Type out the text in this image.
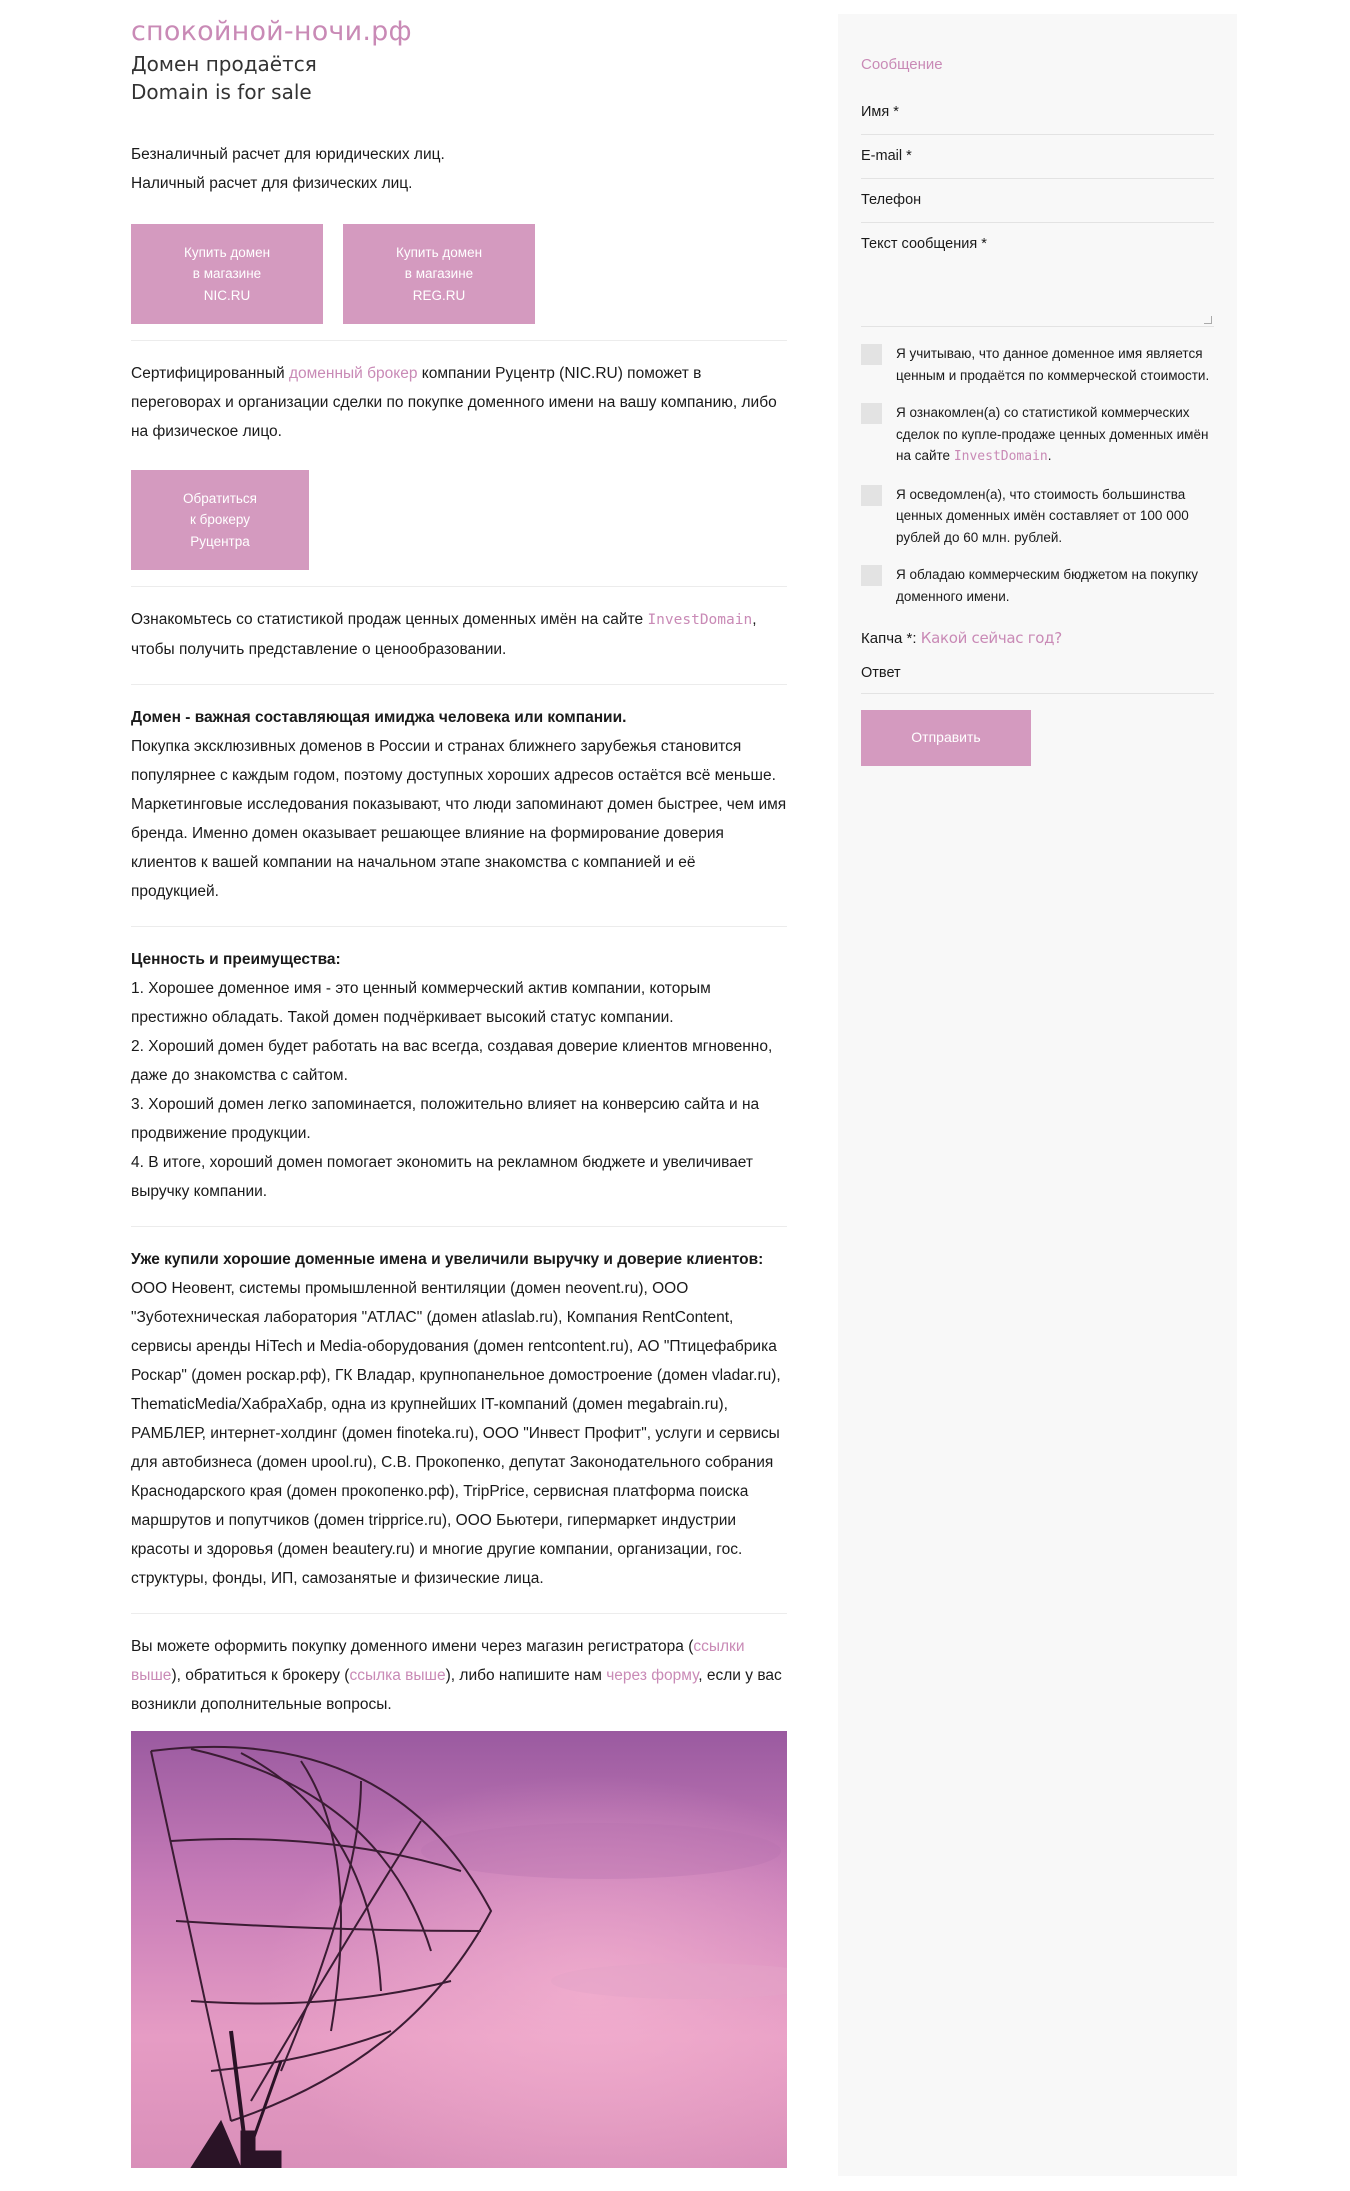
спокойной-ночи.рф
Домен продаётся
Domain is for sale

Безналичный расчет для юридических лиц.

Наличный расчет для физических лиц.

Купить домен
в магазине
NIC.RU
Купить домен
в магазине
REG.RU

Сертифицированный доменный брокер компании Руцентр (NIC.RU) поможет в переговорах и организации сделки по покупке доменного имени на вашу компанию, либо на физическое лицо.

Обратиться
к брокеру
Руцентра

Ознакомьтесь со статистикой продаж ценных доменных имён на сайте InvestDomain, чтобы получить представление о ценообразовании.

Домен - важная составляющая имиджа человека или компании.

Покупка эксклюзивных доменов в России и странах ближнего зарубежья становится популярнее с каждым годом, поэтому доступных хороших адресов остаётся всё меньше. Маркетинговые исследования показывают, что люди запоминают домен быстрее, чем имя бренда. Именно домен оказывает решающее влияние на формирование доверия клиентов к вашей компании на начальном этапе знакомства с компанией и её продукцией.

Ценность и преимущества:

1. Хорошее доменное имя - это ценный коммерческий актив компании, которым престижно обладать. Такой домен подчёркивает высокий статус компании.

2. Хороший домен будет работать на вас всегда, создавая доверие клиентов мгновенно, даже до знакомства с сайтом.

3. Хороший домен легко запоминается, положительно влияет на конверсию сайта и на продвижение продукции.

4. В итоге, хороший домен помогает экономить на рекламном бюджете и увеличивает выручку компании.

Уже купили хорошие доменные имена и увеличили выручку и доверие клиентов: ООО Неовент, системы промышленной вентиляции (домен neovent.ru), ООО "Зуботехническая лаборатория "АТЛАС" (домен atlaslab.ru), Компания RentContent, сервисы аренды HiTech и Media-оборудования (домен rentcontent.ru), АО "Птицефабрика Роскар" (домен роскар.рф), ГК Владар, крупнопанельное домостроение (домен vladar.ru), ThematicMedia/ХабраХабр, одна из крупнейших IT-компаний (домен megabrain.ru), РАМБЛЕР, интернет-холдинг (домен finoteka.ru), ООО "Инвест Профит", услуги и сервисы для автобизнеса (домен upool.ru), С.В. Прокопенко, депутат Законодательного собрания Краснодарского края (домен прокопенко.рф), TripPrice, сервисная платформа поиска маршрутов и попутчиков (домен tripprice.ru), ООО Бьютери, гипермаркет индустрии красоты и здоровья (домен beautery.ru) и многие другие компании, организации, гос. структуры, фонды, ИП, самозанятые и физические лица.

Вы можете оформить покупку доменного имени через магазин регистратора (ссылки выше), обратиться к брокеру (ссылка выше), либо напишите нам через форму, если у вас возникли дополнительные вопросы.

Сообщение
Имя *
E-mail *
Телефон
Текст сообщения *
Я учитываю, что данное доменное имя является ценным и продаётся по коммерческой стоимости.
Я ознакомлен(а) со статистикой коммерческих сделок по купле-продаже ценных доменных имён на сайте InvestDomain.
Я осведомлен(а), что стоимость большинства ценных доменных имён составляет от 100 000 рублей до 60 млн. рублей.
Я обладаю коммерческим бюджетом на покупку доменного имени.
Капча *: Какой сейчас год?
Ответ
Отправить
